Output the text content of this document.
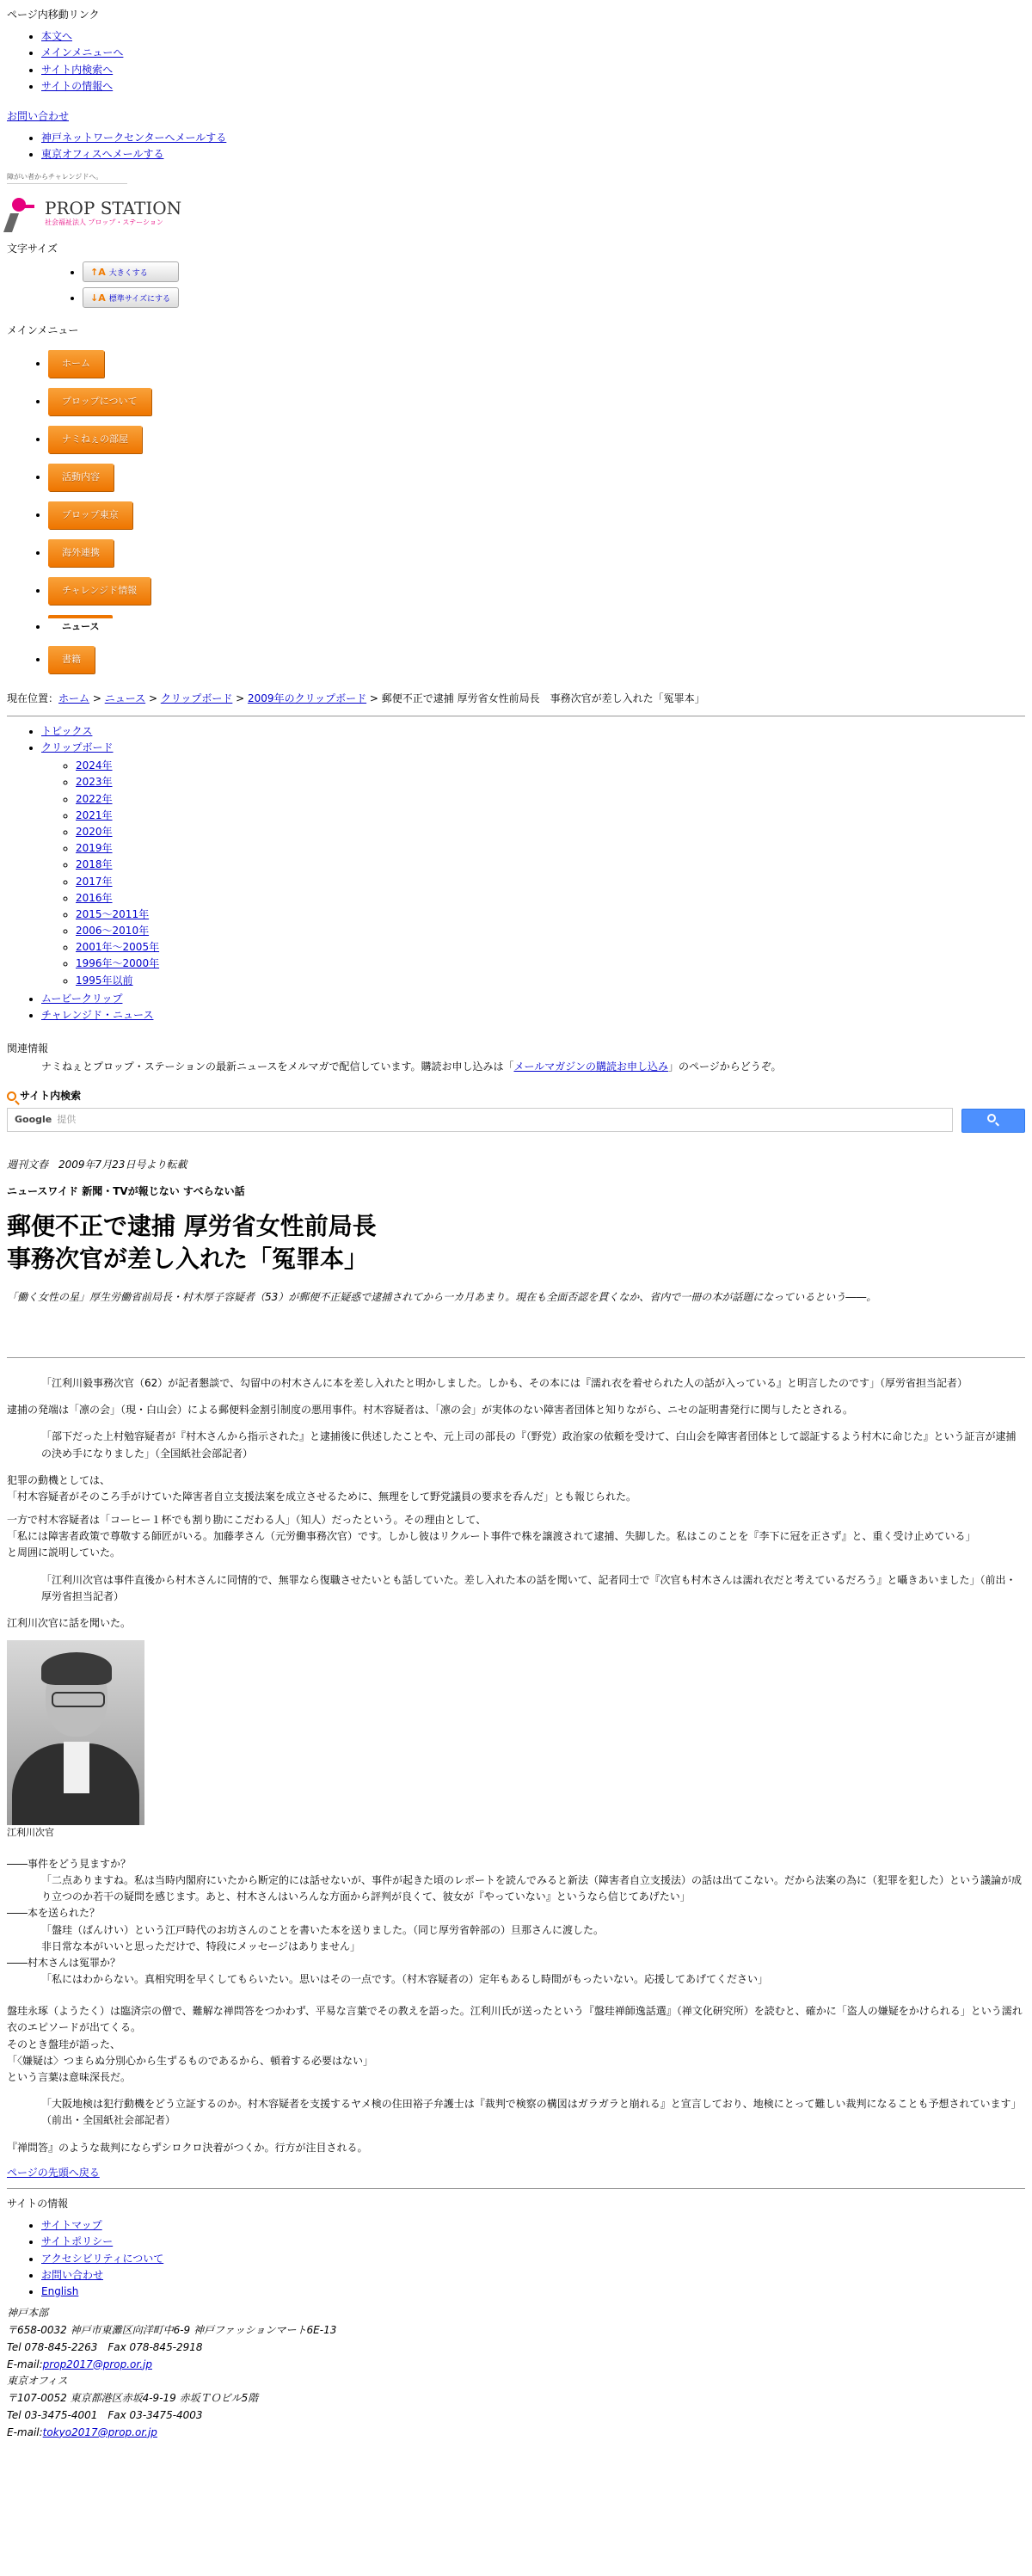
ページ内移動リンク
• 本文へ
• メインメニューへ
• サイト内検索へ
• サイトの情報へ
お問い合わせ
• 神戸ネットワークセンターへメールする
• 東京オフィスへメールする
障がい者からチャレンジドへ。
PROP STATION
社会福祉法人 プロップ・ステーション
文字サイズ
• ↑A 大きくする
• ↓A 標準サイズにする
メインメニュー
• ホーム
• プロップについて
• ナミねぇの部屋
• 活動内容
• プロップ東京
• 海外連携
• チャレンジド情報
• ニュース
• 書籍
現在位置：ホーム > ニュース > クリップボード > 2009年のクリップボード > 郵便不正で逮捕 厚労省女性前局長　事務次官が差し入れた「冤罪本」
• トピックス
• クリップボード
◦ 2024年
◦ 2023年
◦ 2022年
◦ 2021年
◦ 2020年
◦ 2019年
◦ 2018年
◦ 2017年
◦ 2016年
◦ 2015〜2011年
◦ 2006〜2010年
◦ 2001年〜2005年
◦ 1996年〜2000年
◦ 1995年以前
• ムービークリップ
• チャレンジド・ニュース
関連情報
ナミねぇとプロップ・ステーションの最新ニュースをメルマガで配信しています。購読お申し込みは「メールマガジンの購読お申し込み」のページからどうぞ。
サイト内検索
Google 提供
週刊文春　2009年7月23日号より転載
ニュースワイド 新聞・TVが報じない すべらない話
郵便不正で逮捕 厚労省女性前局長
事務次官が差し入れた「冤罪本」
「働く女性の星」厚生労働省前局長・村木厚子容疑者（53）が郵便不正疑惑で逮捕されてから一カ月あまり。現在も全面否認を貫くなか、省内で一冊の本が話題になっているという――。

「江利川毅事務次官（62）が記者懇談で、勾留中の村木さんに本を差し入れたと明かしました。しかも、その本には『濡れ衣を着せられた人の話が入っている』と明言したのです」（厚労省担当記者）

逮捕の発端は「凛の会」（現・白山会）による郵便料金割引制度の悪用事件。村木容疑者は、「凛の会」が実体のない障害者団体と知りながら、ニセの証明書発行に関与したとされる。

「部下だった上村勉容疑者が『村木さんから指示された』と逮捕後に供述したことや、元上司の部長の『（野党）政治家の依頼を受けて、白山会を障害者団体として認証するよう村木に命じた』という証言が逮捕の決め手になりました」（全国紙社会部記者）

犯罪の動機としては、
「村木容疑者がそのころ手がけていた障害者自立支援法案を成立させるために、無理をして野党議員の要求を呑んだ」とも報じられた。

一方で村木容疑者は「コーヒー１杯でも割り勘にこだわる人」（知人）だったという。その理由として、
「私には障害者政策で尊敬する師匠がいる。加藤孝さん（元労働事務次官）です。しかし彼はリクルート事件で株を譲渡されて逮捕、失脚した。私はこのことを『李下に冠を正さず』と、重く受け止めている」
と周囲に説明していた。

「江利川次官は事件直後から村木さんに同情的で、無罪なら復職させたいとも話していた。差し入れた本の話を聞いて、記者同士で『次官も村木さんは濡れ衣だと考えているだろう』と囁きあいました」（前出・厚労省担当記者）

江利川次官に話を聞いた。

江利川次官
――事件をどう見ますか？
「二点ありますね。私は当時内閣府にいたから断定的には話せないが、事件が起きた頃のレポートを読んでみると新法（障害者自立支援法）の話は出てこない。だから法案の為に（犯罪を犯した）という議論が成り立つのか若干の疑問を感じます。あと、村木さんはいろんな方面から評判が良くて、彼女が『やっていない』というなら信じてあげたい」
――本を送られた？
「盤珪（ばんけい）という江戸時代のお坊さんのことを書いた本を送りました。（同じ厚労省幹部の）旦那さんに渡した。
非日常な本がいいと思っただけで、特段にメッセージはありません」
――村木さんは冤罪か？
「私にはわからない。真相究明を早くしてもらいたい。思いはその一点です。（村木容疑者の）定年もあるし時間がもったいない。応援してあげてください」

盤珪永琢（ようたく）は臨済宗の僧で、難解な禅問答をつかわず、平易な言葉でその教えを語った。江利川氏が送ったという『盤珪禅師逸話選』（禅文化研究所）を読むと、確かに「盗人の嫌疑をかけられる」という濡れ衣のエピソードが出てくる。
そのとき盤珪が語った、
「〈嫌疑は〉つまらぬ分別心から生ずるものであるから、頓着する必要はない」
という言葉は意味深長だ。

「大阪地検は犯行動機をどう立証するのか。村木容疑者を支援するヤメ検の住田裕子弁護士は『裁判で検察の構図はガラガラと崩れる』と宣言しており、地検にとって難しい裁判になることも予想されています」（前出・全国紙社会部記者）

『禅問答』のような裁判にならずシロクロ決着がつくか。行方が注目される。

ページの先頭へ戻る
サイトの情報
• サイトマップ
• サイトポリシー
• アクセシビリティについて
• お問い合わせ
• English
神戸本部
〒658-0032 神戸市東灘区向洋町中6-9 神戸ファッションマート6E-13
Tel 078-845-2263　Fax 078-845-2918
E-mail:prop2017@prop.or.jp
東京オフィス
〒107-0052 東京都港区赤坂4-9-19 赤坂ＴＯビル5階
Tel 03-3475-4001　Fax 03-3475-4003
E-mail:tokyo2017@prop.or.jp
